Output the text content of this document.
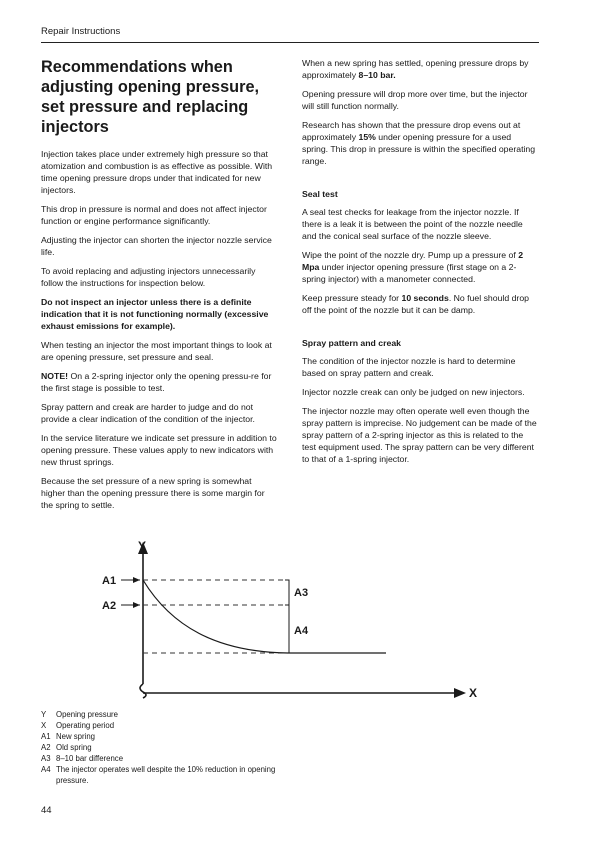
Repair Instructions
Recommendations when adjusting opening pressure, set pressure and replacing injectors

Injection takes place under extremely high pressure so that atomization and combustion is as effective as possible. With time opening pressure drops under that indicated for new injectors.

This drop in pressure is normal and does not affect injector function or engine performance significantly.

Adjusting the injector can shorten the injector nozzle service life.

To avoid replacing and adjusting injectors unnecessarily follow the instructions for inspection below.

Do not inspect an injector unless there is a definite indication that it is not functioning normally (excessive exhaust emissions for example).

When testing an injector the most important things to look at are opening pressure, set pressure and seal.

NOTE! On a 2-spring injector only the opening pressu-re for the first stage is possible to test.

Spray pattern and creak are harder to judge and do not provide a clear indication of the condition of the injector.

In the service literature we indicate set pressure in addition to opening pressure. These values apply to new indicators with new thrust springs.

Because the set pressure of a new spring is somewhat higher than the opening pressure there is some margin for the spring to settle.

When a new spring has settled, opening pressure drops by approximately 8–10 bar.

Opening pressure will drop more over time, but the injector will still function normally.

Research has shown that the pressure drop evens out at approximately 15% under opening pressure for a used spring. This drop in pressure is within the specified operating range.

Seal test

A seal test checks for leakage from the injector nozzle. If there is a leak it is between the point of the nozzle needle and the conical seal surface of the nozzle sleeve.

Wipe the point of the nozzle dry. Pump up a pressure of 2 Mpa under injector opening pressure (first stage on a 2-spring injector) with a manometer connected.

Keep pressure steady for 10 seconds. No fuel should drop off the point of the nozzle but it can be damp.

Spray pattern and creak

The condition of the injector nozzle is hard to determine based on spray pattern and creak.

Injector nozzle creak can only be judged on new injectors.

The injector nozzle may often operate well even though the spray pattern is imprecise. No judgement can be made of the spray pattern of a 2-spring injector as this is related to the test equipment used. The spray pattern can be very different to that of a 1-spring injector.

Y
X
A1
A2
A3
A4
Y	Opening pressure
X	Operating period
A1 New spring
A2 Old spring
A3 8–10 bar difference
A4 The injector operates well despite the 10% reduction in opening pressure.
44
